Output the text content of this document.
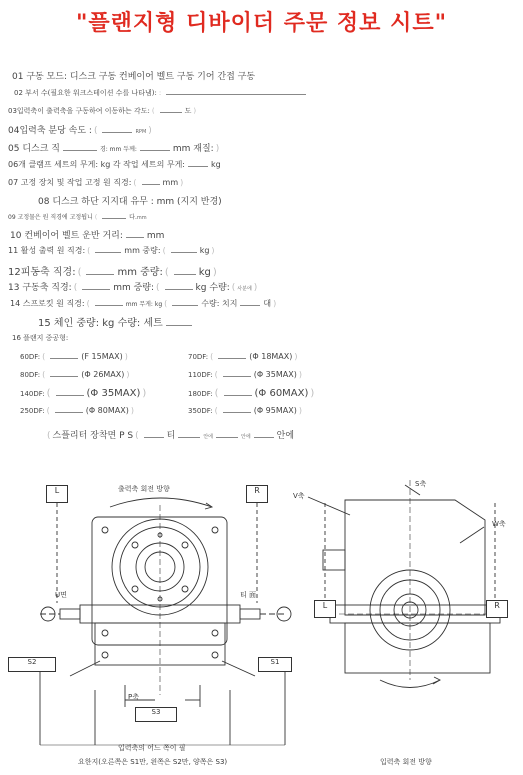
"플랜지형 디바이더 주문 정보 시트"
01 구동 모드: 디스크 구동 컨베이어 벨트 구동 기어 간접 구동
02 부서 수(필요한 워크스테이션 수를 나타냄): :
03입력축이 출력축을 구동하여 이동하는 각도: (	도 )
04입력축 분당 속도 : (	RPM )
05 디스크 직	경: mm 두께:	mm 재질: )
06개 클램프 세트의 무게: kg 각 작업 세트의 무게:	kg
07 고정 장치 및 작업 고정 원 직경: (	mm )
08 디스크 하단 지지대 유무 : mm (지지 반경)
09 고정물은 원 직경에 고정됩니 (	다.mm
10 컨베이어 벨트 운반 거리:	mm
11 활성 출력 원 직경: (	mm 중량: (	kg )
12피동축 직경: (	mm 중량: (	kg )
13 구동축 직경: (	mm 중량: (	kg 수량: ( 사분에 )
14 스프로킷 원 직경: (	mm 무게: kg (	수량: 치지	대 )
15 체인 중량: kg 수량: 세트
16 플랜지 중공형:
60DF: (	(F 15MAX) )	70DF: (	(Φ 18MAX) )
80DF: (	(Φ 26MAX) )	110DF: (	(Φ 35MAX) )
140DF: (	(Φ 35MAX) )	180DF: (	(Φ 60MAX) )
250DF: (	(Φ 80MAX) )	350DF: (	(Φ 95MAX) )
( 스플리터 장착면 P S (	티	안에	안에	안에
출력축 회전 방향
L	R
U면	티 面
S2	S1
P축
S3
입력축의 어느 쪽이 필
요한지(오른쪽은 S1만, 왼쪽은 S2만, 양쪽은 S3)
V축
S축
W축
L	R
입력축 회전 방향
